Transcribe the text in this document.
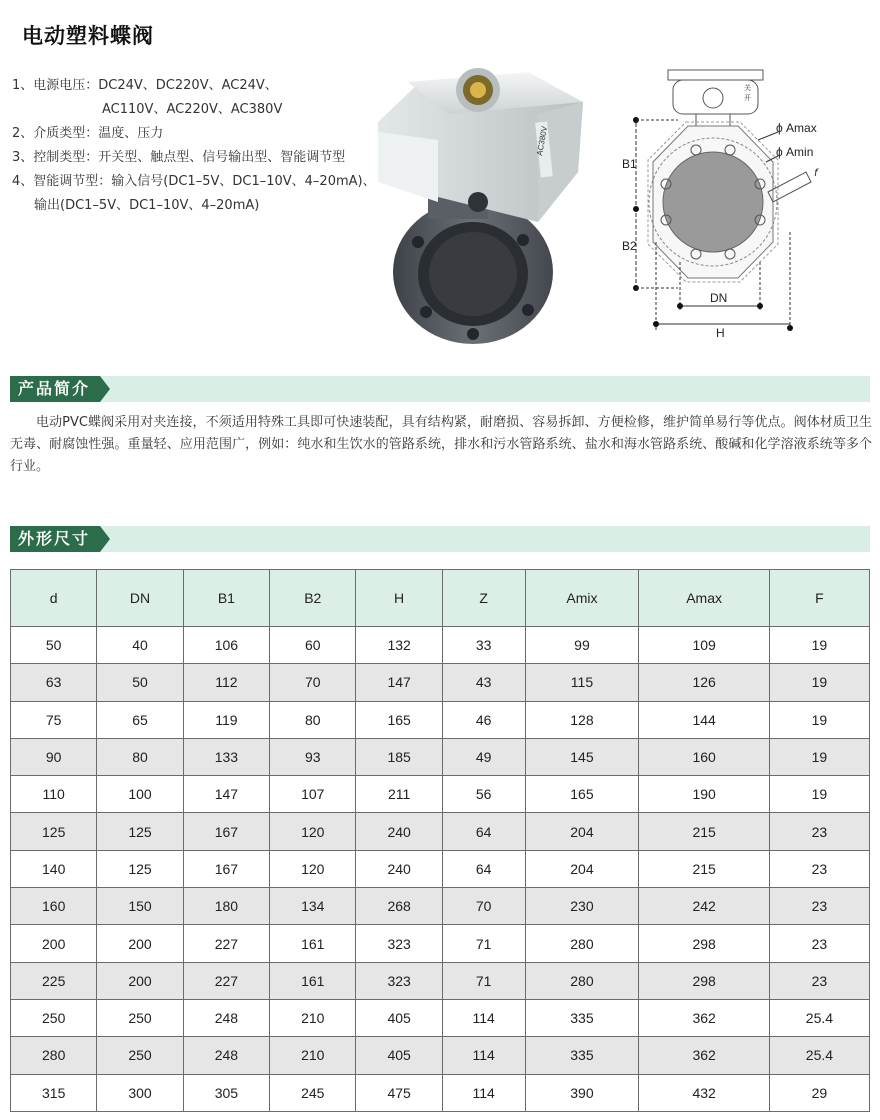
电动塑料蝶阀
1、电源电压：DC24V、DC220V、AC24V、
AC110V、AC220V、AC380V
2、介质类型：温度、压力
3、控制类型：开关型、触点型、信号输出型、智能调节型
4、智能调节型：输入信号(DC1–5V、DC1–10V、4–20mA)、
输出(DC1–5V、DC1–10V、4–20mA)
AC380V
关
开
B1
B2
DN
H
ϕ Amax
ϕ Amin
f
产品简介
电动PVC蝶阀采用对夹连接，不须适用特殊工具即可快速装配，具有结构紧，耐磨损、容易拆卸、方便检修，维护简单易行等优点。阀体材质卫生无毒、耐腐蚀性强。重量轻、应用范围广，例如：纯水和生饮水的管路系统，排水和污水管路系统、盐水和海水管路系统、酸碱和化学溶液系统等多个行业。
外形尺寸
d	DN	B1	B2	H	Z	Amix	Amax	F
50	40	106	60	132	33	99	109	19
63	50	112	70	147	43	115	126	19
75	65	119	80	165	46	128	144	19
90	80	133	93	185	49	145	160	19
110	100	147	107	211	56	165	190	19
125	125	167	120	240	64	204	215	23
140	125	167	120	240	64	204	215	23
160	150	180	134	268	70	230	242	23
200	200	227	161	323	71	280	298	23
225	200	227	161	323	71	280	298	23
250	250	248	210	405	114	335	362	25.4
280	250	248	210	405	114	335	362	25.4
315	300	305	245	475	114	390	432	29
